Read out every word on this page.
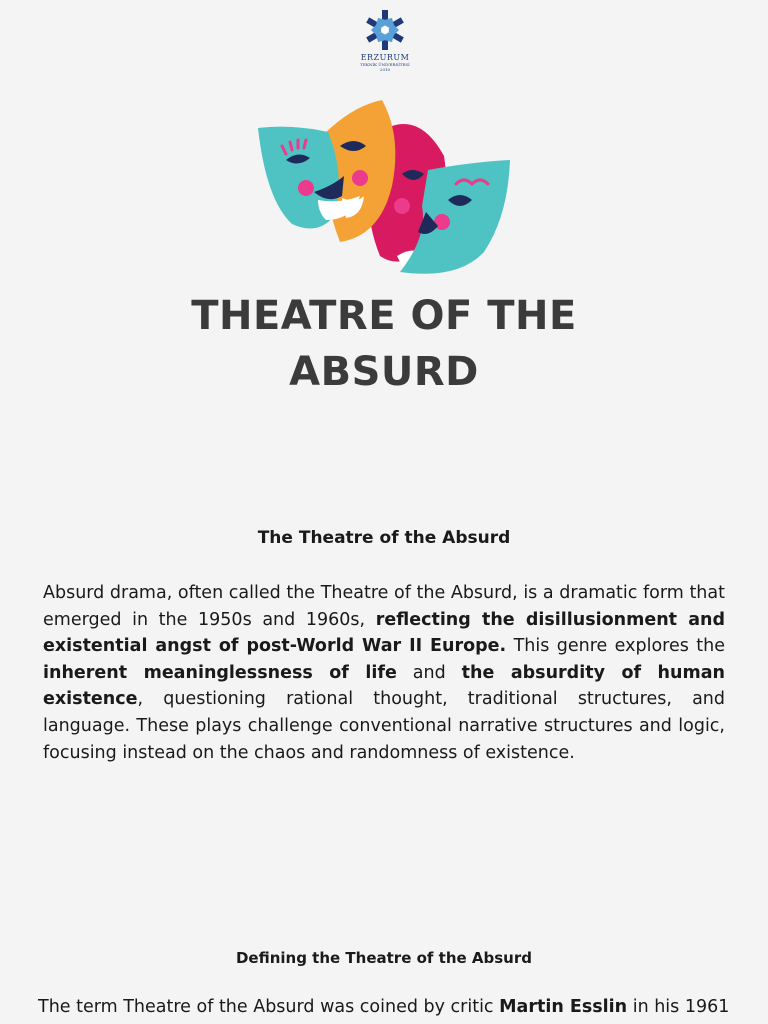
ERZURUM
TEKNİK ÜNİVERSİTESİ
2010
THEATRE OF THE
ABSURD
The Theatre of the Absurd
Absurd drama, often called the Theatre of the Absurd, is a dramatic form that emerged in the 1950s and 1960s, reflecting the disillusionment and existential angst of post-World War II Europe. This genre explores the inherent meaninglessness of life and the absurdity of human existence, questioning rational thought, traditional structures, and language. These plays challenge conventional narrative structures and logic, focusing instead on the chaos and randomness of existence.
Defining the Theatre of the Absurd
The term Theatre of the Absurd was coined by critic Martin Esslin in his 1961
